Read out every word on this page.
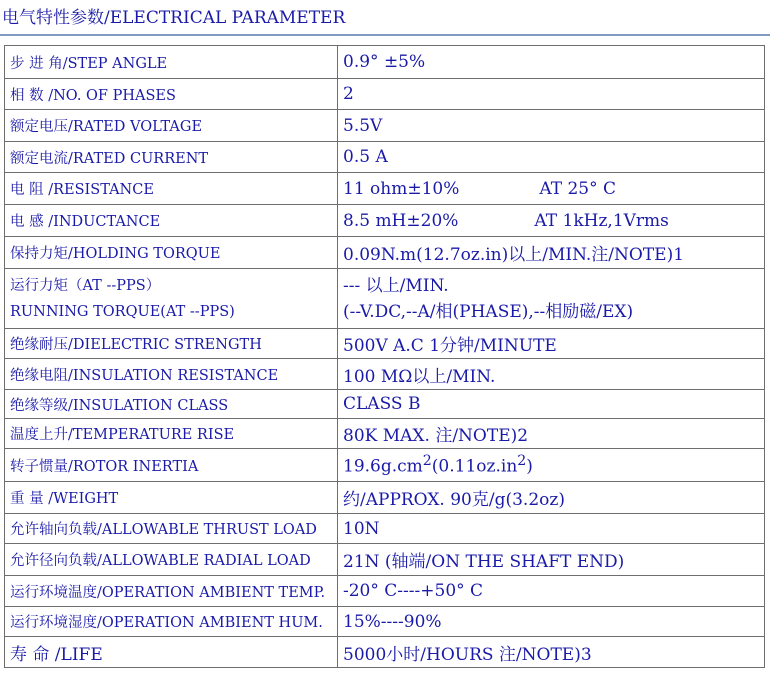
电气特性参数/ELECTRICAL PARAMETER
步 进 角/STEP ANGLE	0.9° ±5%
相 数 /NO. OF PHASES	2
额定电压/RATED VOLTAGE	5.5V
额定电流/RATED CURRENT	0.5 A
电 阻 /RESISTANCE	11 ohm±10% AT 25° C
电 感 /INDUCTANCE	8.5 mH±20% AT 1kHz,1Vrms
保持力矩/HOLDING TORQUE	0.09N.m(12.7oz.in)以上/MIN.注/NOTE)1

运行力矩（AT --PPS）
RUNNING TORQUE(AT --PPS)	--- 以上/MIN.
(--V.DC,--A/相(PHASE),--相励磁/EX)

绝缘耐压/DIELECTRIC STRENGTH	500V A.C 1分钟/MINUTE
绝缘电阻/INSULATION RESISTANCE	100 MΩ以上/MIN.
绝缘等级/INSULATION CLASS	CLASS B
温度上升/TEMPERATURE RISE	80K MAX. 注/NOTE)2
转子惯量/ROTOR INERTIA	$19.6g.cm^2(0.11oz.in^2)$
重 量 /WEIGHT	约/APPROX. 90克/g(3.2oz)
允许轴向负载/ALLOWABLE THRUST LOAD	10N
允许径向负载/ALLOWABLE RADIAL LOAD	21N (轴端/ON THE SHAFT END)
运行环境温度/OPERATION AMBIENT TEMP.	-20° C----+50° C
运行环境湿度/OPERATION AMBIENT HUM.	15%----90%
寿 命 /LIFE	5000小时/HOURS 注/NOTE)3
